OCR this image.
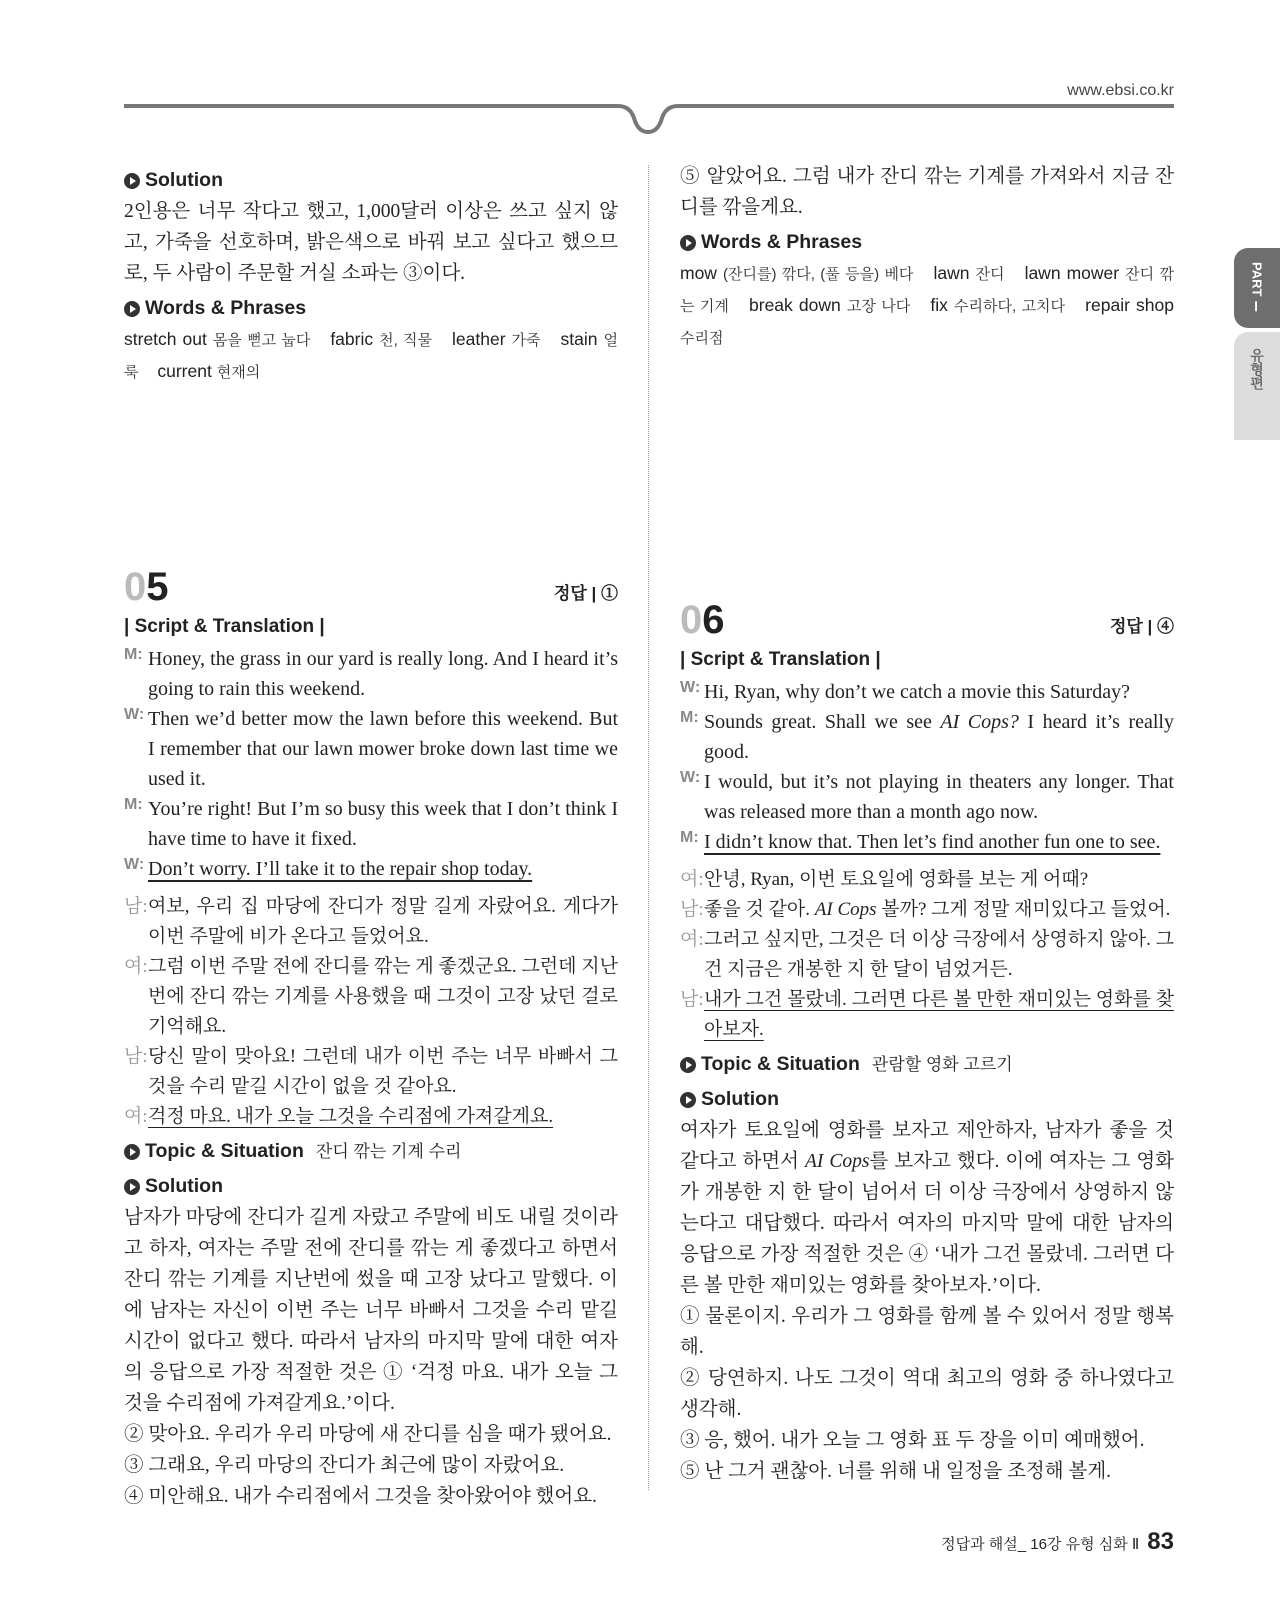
www.ebsi.co.kr
PART Ⅰ
유형편
Solution

2인용은 너무 작다고 했고, 1,000달러 이상은 쓰고 싶지 않고, 가죽을 선호하며, 밝은색으로 바꿔 보고 싶다고 했으므로, 두 사람이 주문할 거실 소파는 ③이다.

Words & Phrases

stretch out 몸을 뻗고 눕다 fabric 천, 직물 leather 가죽 stain 얼룩 current 현재의

05	정답 | ①
| Script & Translation |
M: Honey, the grass in our yard is really long. And I heard it’s going to rain this weekend.
W: Then we’d better mow the lawn before this weekend. But I remember that our lawn mower broke down last time we used it.
M: You’re right! But I’m so busy this week that I don’t think I have time to have it fixed.
W: Don’t worry. I’ll take it to the repair shop today.
남: 여보, 우리 집 마당에 잔디가 정말 길게 자랐어요. 게다가 이번 주말에 비가 온다고 들었어요.
여: 그럼 이번 주말 전에 잔디를 깎는 게 좋겠군요. 그런데 지난번에 잔디 깎는 기계를 사용했을 때 그것이 고장 났던 걸로 기억해요.
남: 당신 말이 맞아요! 그런데 내가 이번 주는 너무 바빠서 그것을 수리 맡길 시간이 없을 것 같아요.
여: 걱정 마요. 내가 오늘 그것을 수리점에 가져갈게요.
Topic & Situation 잔디 깎는 기계 수리
Solution

남자가 마당에 잔디가 길게 자랐고 주말에 비도 내릴 것이라고 하자, 여자는 주말 전에 잔디를 깎는 게 좋겠다고 하면서 잔디 깎는 기계를 지난번에 썼을 때 고장 났다고 말했다. 이에 남자는 자신이 이번 주는 너무 바빠서 그것을 수리 맡길 시간이 없다고 했다. 따라서 남자의 마지막 말에 대한 여자의 응답으로 가장 적절한 것은 ① ‘걱정 마요. 내가 오늘 그것을 수리점에 가져갈게요.’이다.

② 맞아요. 우리가 우리 마당에 새 잔디를 심을 때가 됐어요.

③ 그래요, 우리 마당의 잔디가 최근에 많이 자랐어요.

④ 미안해요. 내가 수리점에서 그것을 찾아왔어야 했어요.

⑤ 알았어요. 그럼 내가 잔디 깎는 기계를 가져와서 지금 잔디를 깎을게요.

Words & Phrases

mow (잔디를) 깎다, (풀 등을) 베다 lawn 잔디 lawn mower 잔디 깎는 기계 break down 고장 나다 fix 수리하다, 고치다 repair shop 수리점

06	정답 | ④
| Script & Translation |
W: Hi, Ryan, why don’t we catch a movie this Saturday?
M: Sounds great. Shall we see AI Cops? I heard it’s really good.
W: I would, but it’s not playing in theaters any longer. That was released more than a month ago now.
M: I didn’t know that. Then let’s find another fun one to see.
여: 안녕, Ryan, 이번 토요일에 영화를 보는 게 어때?
남: 좋을 것 같아. AI Cops 볼까? 그게 정말 재미있다고 들었어.
여: 그러고 싶지만, 그것은 더 이상 극장에서 상영하지 않아. 그건 지금은 개봉한 지 한 달이 넘었거든.
남: 내가 그건 몰랐네. 그러면 다른 볼 만한 재미있는 영화를 찾아보자.
Topic & Situation 관람할 영화 고르기
Solution

여자가 토요일에 영화를 보자고 제안하자, 남자가 좋을 것 같다고 하면서 AI Cops를 보자고 했다. 이에 여자는 그 영화가 개봉한 지 한 달이 넘어서 더 이상 극장에서 상영하지 않는다고 대답했다. 따라서 여자의 마지막 말에 대한 남자의 응답으로 가장 적절한 것은 ④ ‘내가 그건 몰랐네. 그러면 다른 볼 만한 재미있는 영화를 찾아보자.’이다.

① 물론이지. 우리가 그 영화를 함께 볼 수 있어서 정말 행복해.

② 당연하지. 나도 그것이 역대 최고의 영화 중 하나였다고 생각해.

③ 응, 했어. 내가 오늘 그 영화 표 두 장을 이미 예매했어.

⑤ 난 그거 괜찮아. 너를 위해 내 일정을 조정해 볼게.

정답과 해설_ 16강 유형 심화 Ⅱ 83
